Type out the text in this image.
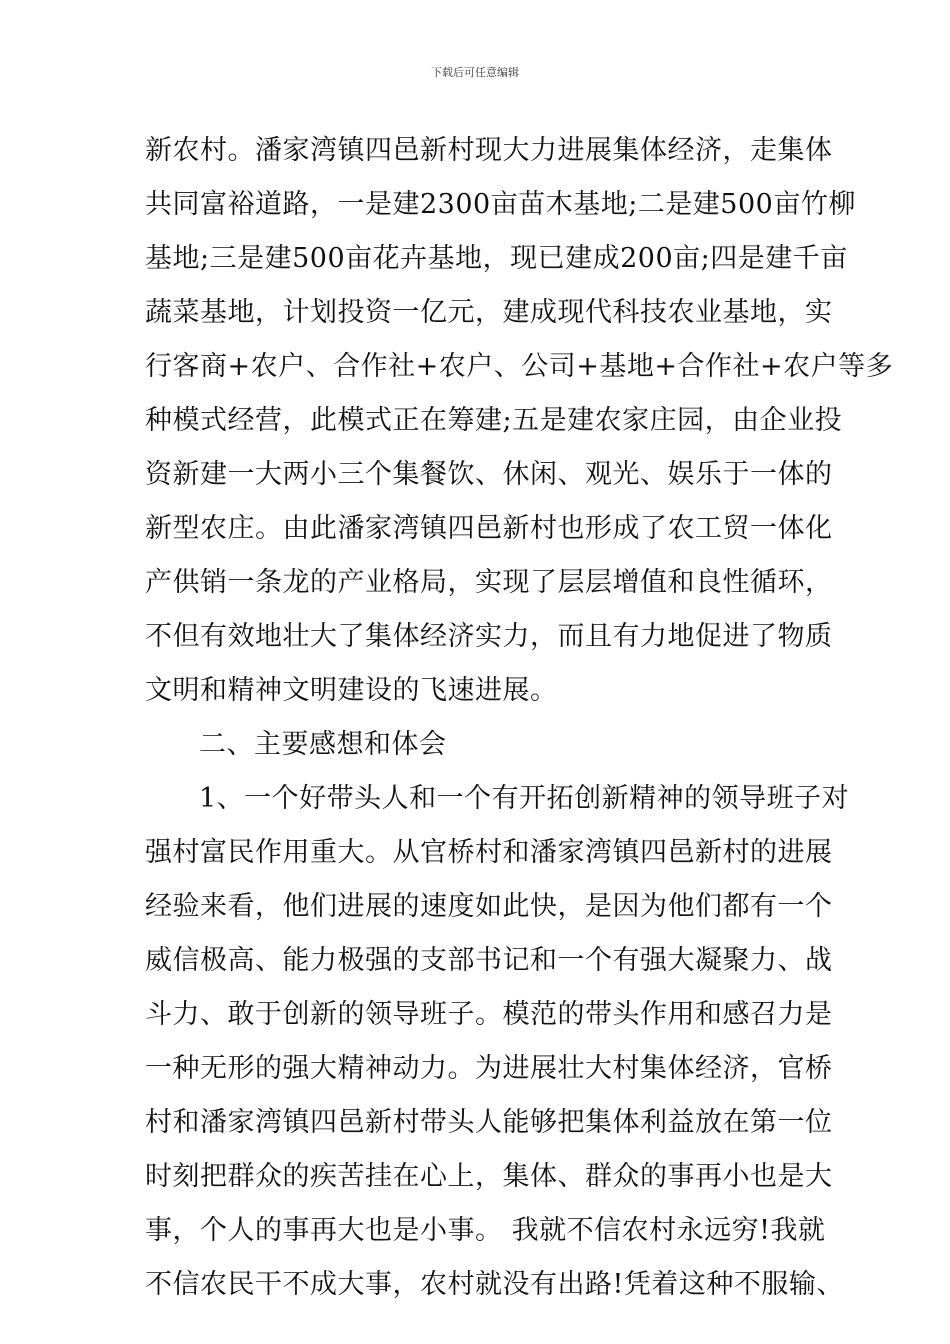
下载后可任意编辑
新农村。潘家湾镇四邑新村现大力进展集体经济，走集体
共同富裕道路，一是建2300亩苗木基地;二是建500亩竹柳
基地;三是建500亩花卉基地，现已建成200亩;四是建千亩
蔬菜基地，计划投资一亿元，建成现代科技农业基地，实
行客商+农户、合作社+农户、公司+基地+合作社+农户等多
种模式经营，此模式正在筹建;五是建农家庄园，由企业投
资新建一大两小三个集餐饮、休闲、观光、娱乐于一体的
新型农庄。由此潘家湾镇四邑新村也形成了农工贸一体化
产供销一条龙的产业格局，实现了层层增值和良性循环，
不但有效地壮大了集体经济实力，而且有力地促进了物质
文明和精神文明建设的飞速进展。
二、主要感想和体会
1、一个好带头人和一个有开拓创新精神的领导班子对
强村富民作用重大。从官桥村和潘家湾镇四邑新村的进展
经验来看，他们进展的速度如此快，是因为他们都有一个
威信极高、能力极强的支部书记和一个有强大凝聚力、战
斗力、敢于创新的领导班子。模范的带头作用和感召力是
一种无形的强大精神动力。为进展壮大村集体经济，官桥
村和潘家湾镇四邑新村带头人能够把集体利益放在第一位
时刻把群众的疾苦挂在心上，集体、群众的事再小也是大
事，个人的事再大也是小事。 我就不信农村永远穷!我就
不信农民干不成大事，农村就没有出路!凭着这种不服输、
